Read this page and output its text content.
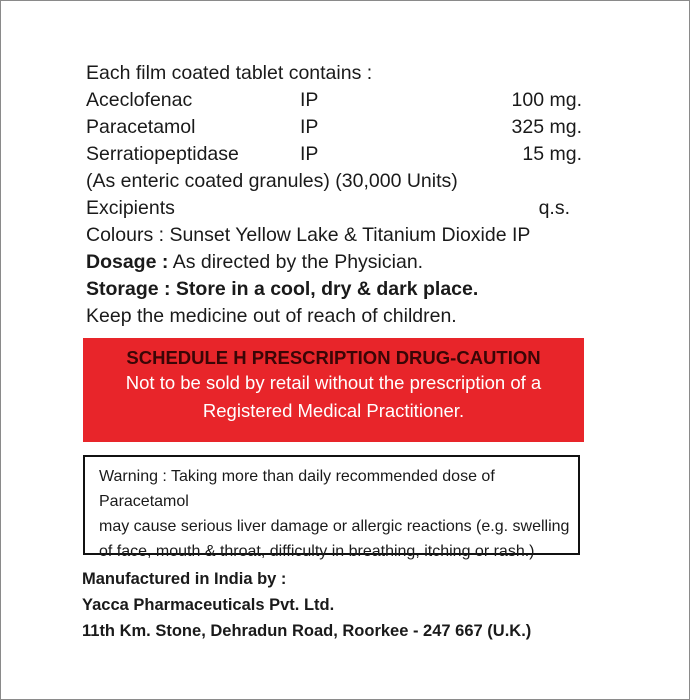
Each film coated tablet contains :
Aceclofenac	IP	100 mg.
Paracetamol	IP	325 mg.
Serratiopeptidase	IP	15 mg.
(As enteric coated granules) (30,000 Units)
Excipients	q.s.
Colours : Sunset Yellow Lake & Titanium Dioxide IP
Dosage : As directed by the Physician.
Storage : Store in a cool, dry & dark place.
Keep the medicine out of reach of children.
SCHEDULE H PRESCRIPTION DRUG-CAUTION
Not to be sold by retail without the prescription of a
Registered Medical Practitioner.
Warning : Taking more than daily recommended dose of Paracetamol
may cause serious liver damage or allergic reactions (e.g. swelling
of face, mouth & throat, difficulty in breathing, itching or rash.)
Manufactured in India by :
Yacca Pharmaceuticals Pvt. Ltd.
11th Km. Stone, Dehradun Road, Roorkee - 247 667 (U.K.)
